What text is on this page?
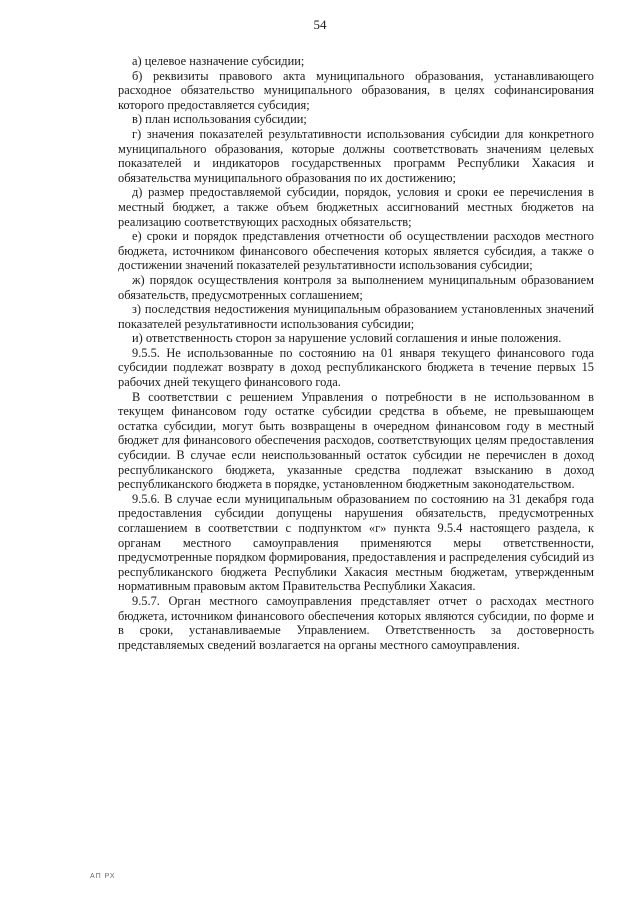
54

а) целевое назначение субсидии;

б) реквизиты правового акта муниципального образования, устанавливающего расходное обязательство муниципального образования, в целях софинансирования которого предоставляется субсидия;

в) план использования субсидии;

г) значения показателей результативности использования субсидии для конкретного муниципального образования, которые должны соответствовать значениям целевых показателей и индикаторов государственных программ Республики Хакасия и обязательства муниципального образования по их достижению;

д) размер предоставляемой субсидии, порядок, условия и сроки ее перечисления в местный бюджет, а также объем бюджетных ассигнований местных бюджетов на реализацию соответствующих расходных обязательств;

е) сроки и порядок представления отчетности об осуществлении расходов местного бюджета, источником финансового обеспечения которых является субсидия, а также о достижении значений показателей результативности использования субсидии;

ж) порядок осуществления контроля за выполнением муниципальным образованием обязательств, предусмотренных соглашением;

з) последствия недостижения муниципальным образованием установленных значений показателей результативности использования субсидии;

и) ответственность сторон за нарушение условий соглашения и иные положения.

9.5.5. Не использованные по состоянию на 01 января текущего финансового года субсидии подлежат возврату в доход республиканского бюджета в течение первых 15 рабочих дней текущего финансового года.

В соответствии с решением Управления о потребности в не использованном в текущем финансовом году остатке субсидии средства в объеме, не превышающем остатка субсидии, могут быть возвращены в очередном финансовом году в местный бюджет для финансового обеспечения расходов, соответствующих целям предоставления субсидии. В случае если неиспользованный остаток субсидии не перечислен в доход республиканского бюджета, указанные средства подлежат взысканию в доход республиканского бюджета в порядке, установленном бюджетным законодательством.

9.5.6. В случае если муниципальным образованием по состоянию на 31 декабря года предоставления субсидии допущены нарушения обязательств, предусмотренных соглашением в соответствии с подпунктом «г» пункта 9.5.4 настоящего раздела, к органам местного самоуправления применяются меры ответственности, предусмотренные порядком формирования, предоставления и распределения субсидий из республиканского бюджета Республики Хакасия местным бюджетам, утвержденным нормативным правовым актом Правительства Республики Хакасия.

9.5.7. Орган местного самоуправления представляет отчет о расходах местного бюджета, источником финансового обеспечения которых являются субсидии, по форме и в сроки, устанавливаемые Управлением. Ответственность за достоверность представляемых сведений возлагается на органы местного самоуправления.

АП РХ
